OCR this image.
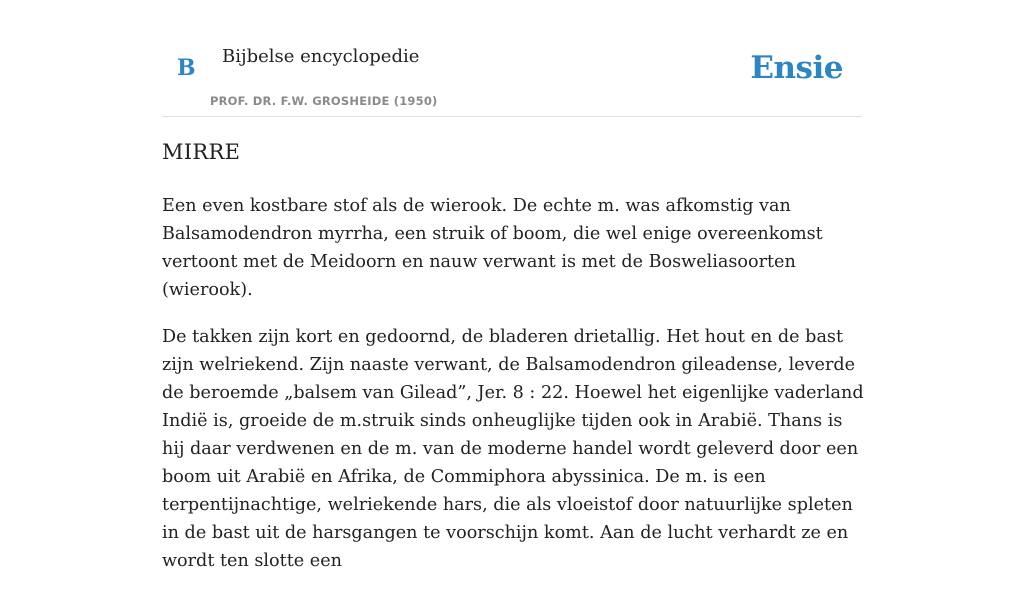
B Bijbelse encyclopedie
PROF. DR. F.W. GROSHEIDE (1950)
Ensie
MIRRE

Een even kostbare stof als de wierook. De echte m. was afkomstig van Balsamodendron myrrha, een struik of boom, die wel enige overeenkomst vertoont met de Meidoorn en nauw verwant is met de Bosweliasoorten (wierook).

De takken zijn kort en gedoornd, de bladeren drietallig. Het hout en de bast zijn welriekend. Zijn naaste verwant, de Balsamodendron gileadense, leverde de beroemde „balsem van Gilead”, Jer. 8 : 22. Hoewel het eigenlijke vaderland Indië is, groeide de m.struik sinds onheuglijke tijden ook in Arabië. Thans is hij daar verdwenen en de m. van de moderne handel wordt geleverd door een boom uit Arabië en Afrika, de Commiphora abyssinica. De m. is een terpentijnachtige, welriekende hars, die als vloeistof door natuurlijke spleten in de bast uit de harsgangen te voorschijn komt. Aan de lucht verhardt ze en wordt ten slotte een
